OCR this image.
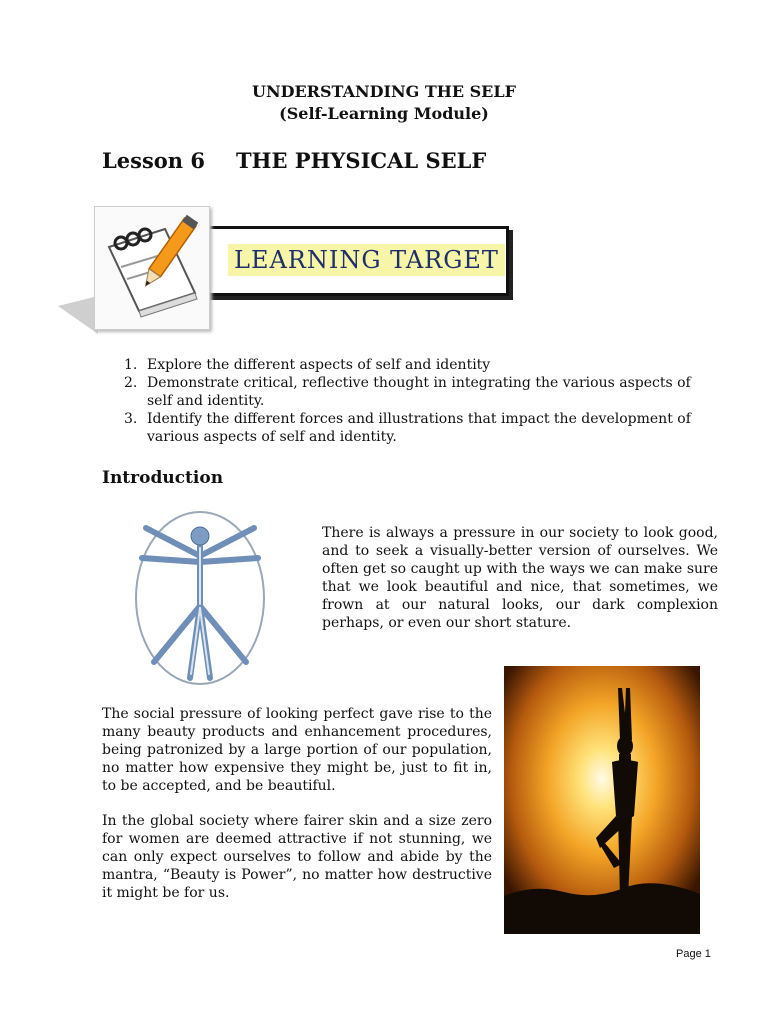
UNDERSTANDING THE SELF
(Self-Learning Module)
Lesson 6 THE PHYSICAL SELF
LEARNING TARGET
1. Explore the different aspects of self and identity
2. Demonstrate critical, reflective thought in integrating the various aspects of self and identity.
3. Identify the different forces and illustrations that impact the development of various aspects of self and identity.
Introduction

There is always a pressure in our society to look good, and to seek a visually-better version of ourselves. We often get so caught up with the ways we can make sure that we look beautiful and nice, that sometimes, we frown at our natural looks, our dark complexion perhaps, or even our short stature.

The social pressure of looking perfect gave rise to the many beauty products and enhancement procedures, being patronized by a large portion of our population, no matter how expensive they might be, just to fit in, to be accepted, and be beautiful.

In the global society where fairer skin and a size zero for women are deemed attractive if not stunning, we can only expect ourselves to follow and abide by the mantra, “Beauty is Power”, no matter how destructive it might be for us.

Page 1
